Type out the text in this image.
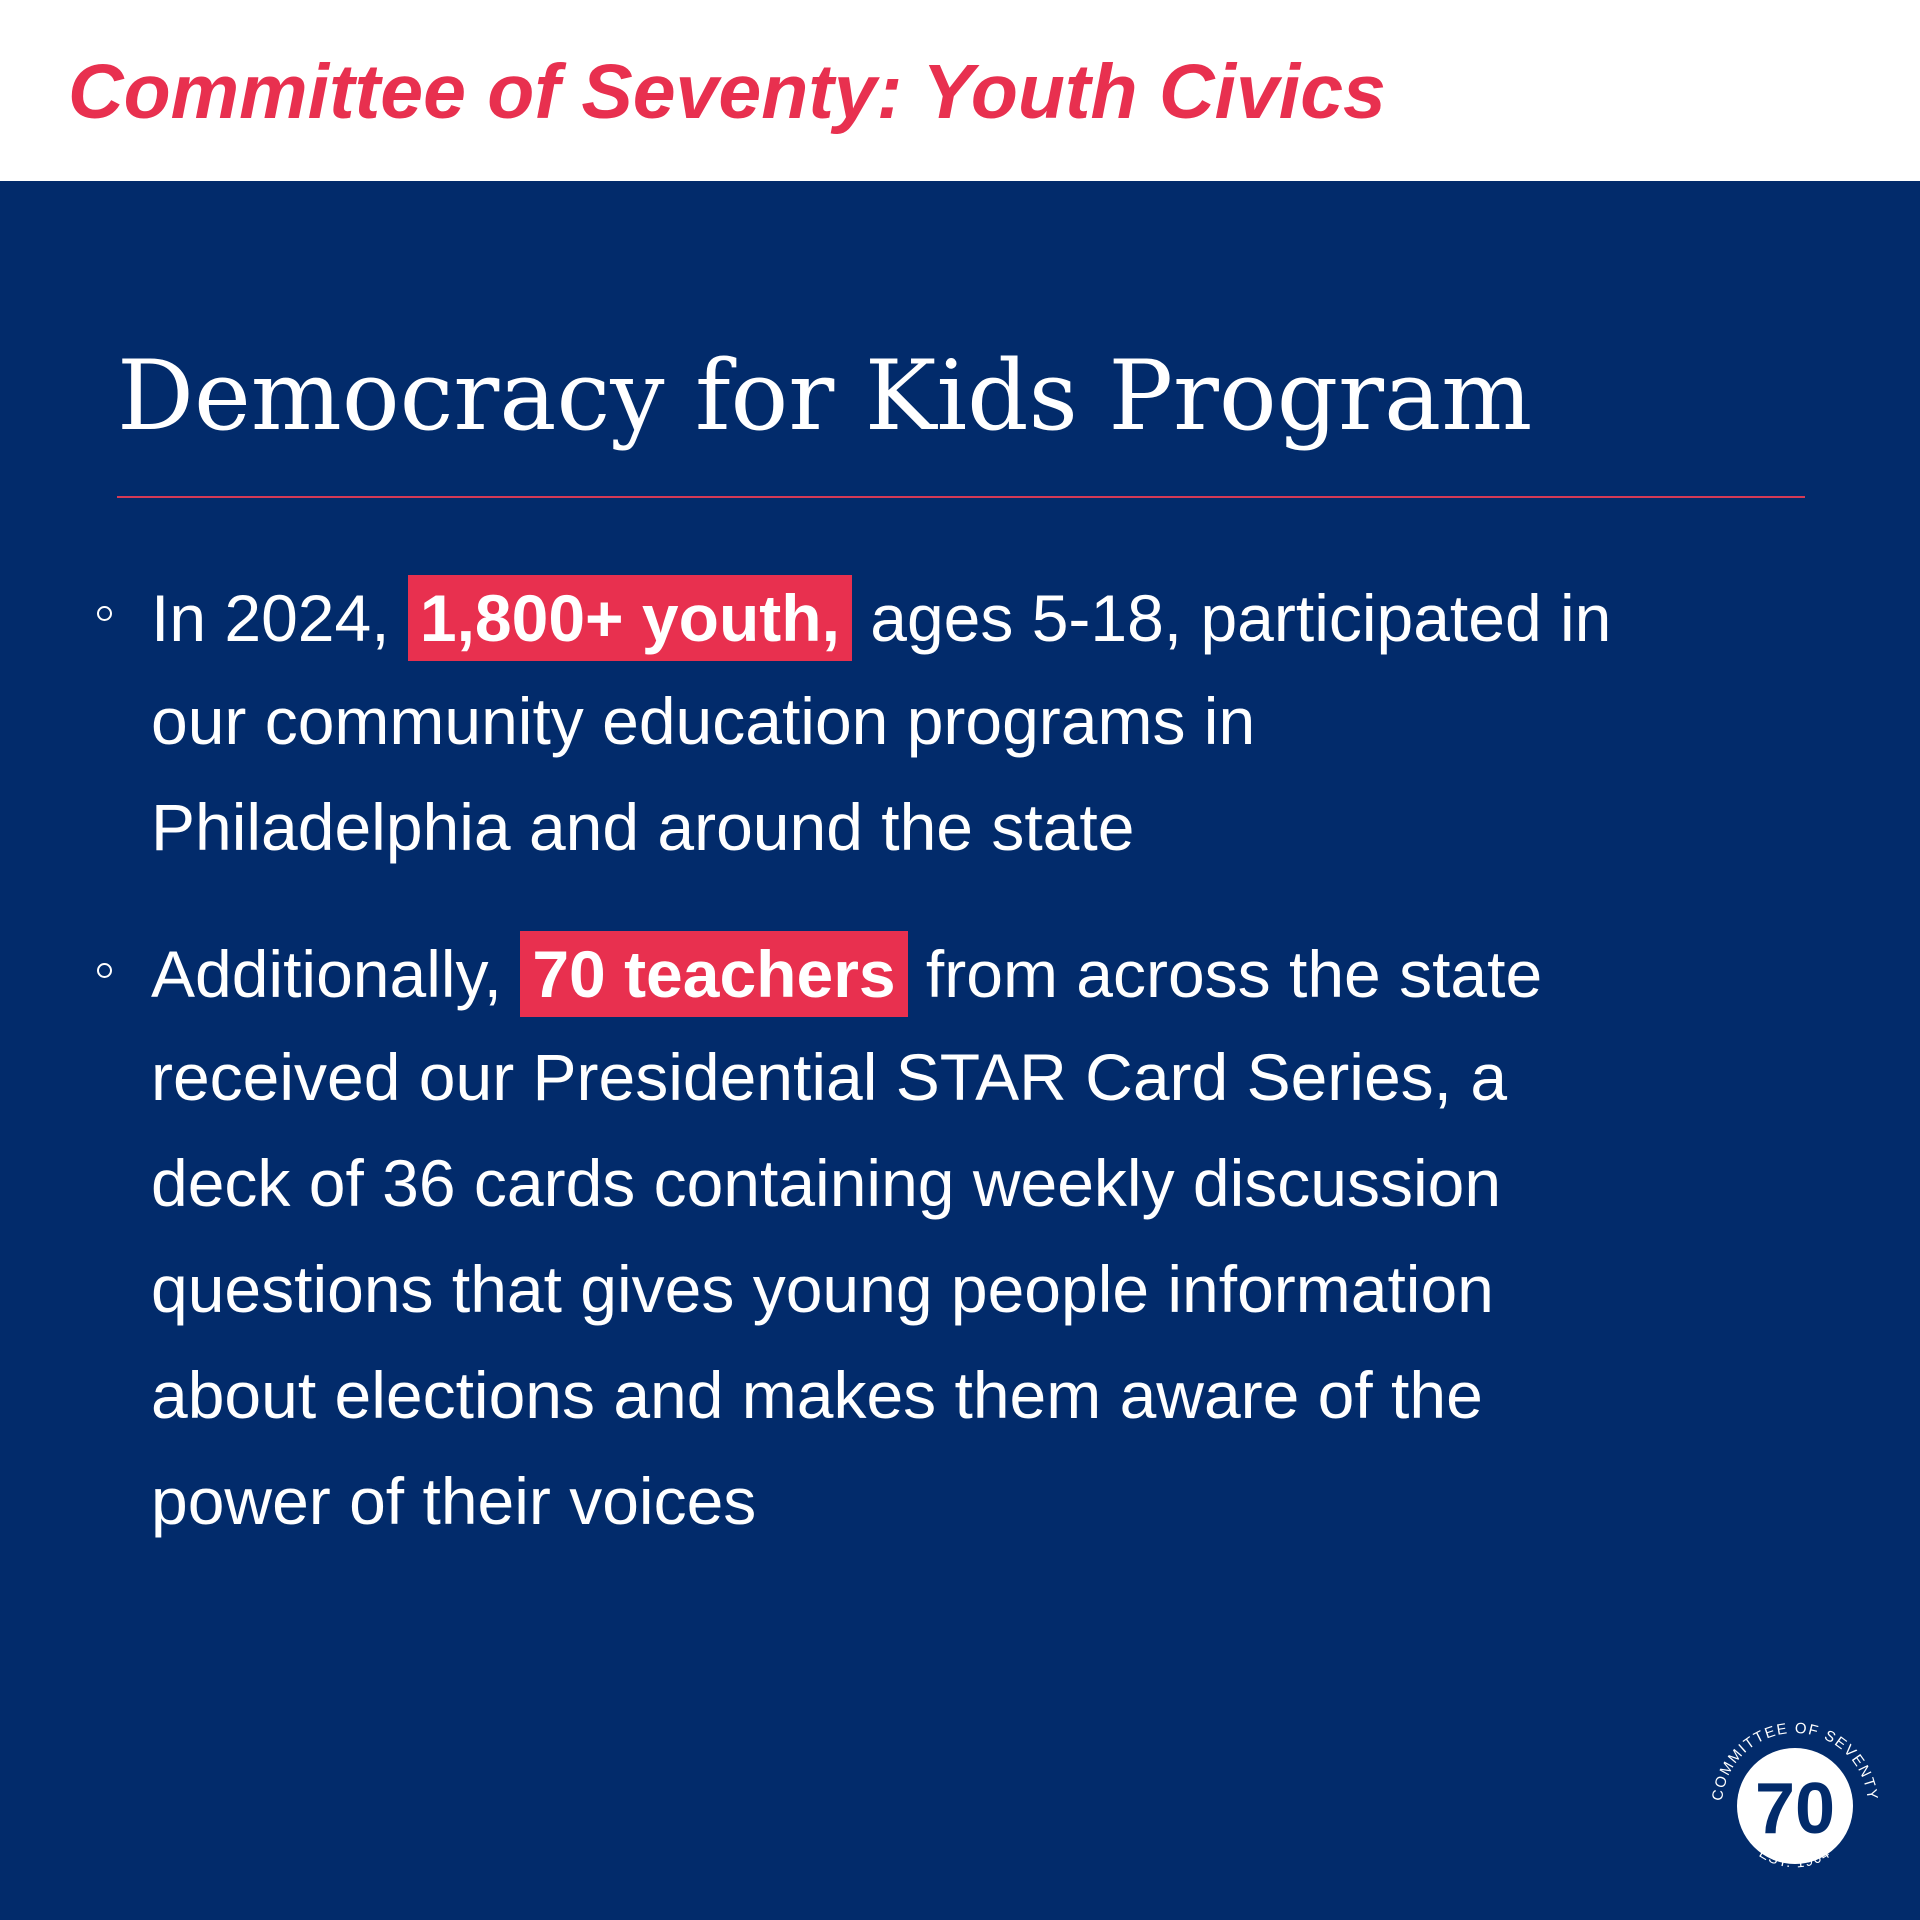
Committee of Seventy: Youth Civics
Democracy for Kids Program
In 2024, 1,800+ youth, ages 5-18, participated in
our community education programs in
Philadelphia and around the state
Additionally, 70 teachers from across the state
received our Presidential STAR Card Series, a
deck of 36 cards containing weekly discussion
questions that gives young people information
about elections and makes them aware of the
power of their voices
COMMITTEE OF SEVENTY
EST. 1904
70
